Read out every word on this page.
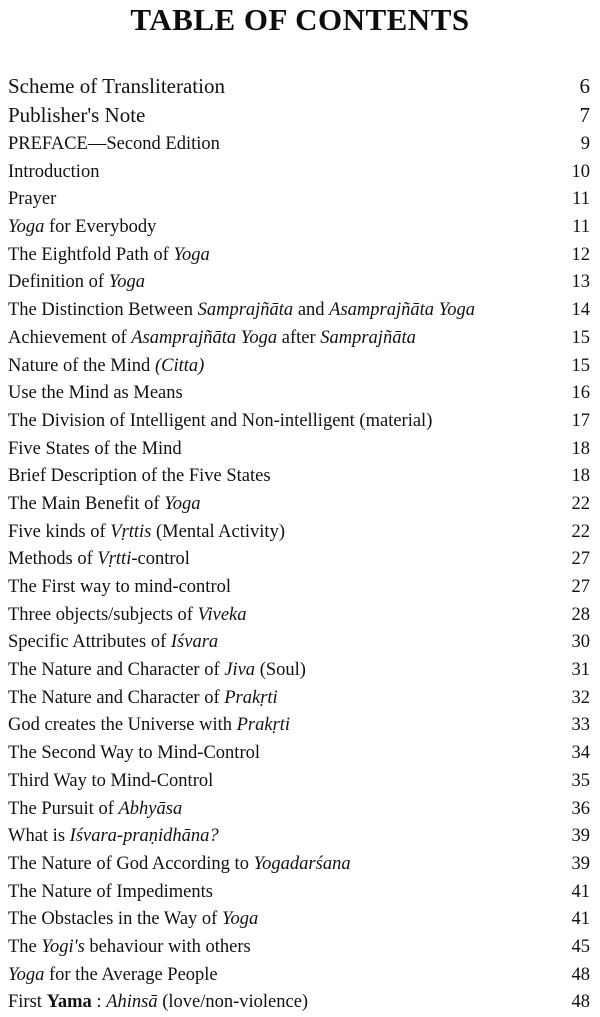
TABLE OF CONTENTS
Scheme of Transliteration	6
Publisher's Note	7
PREFACE—Second Edition	9
Introduction	10
Prayer	11
Yoga for Everybody	11
The Eightfold Path of Yoga	12
Definition of Yoga	13
The Distinction Between Samprajñāta and Asamprajñāta Yoga	14
Achievement of Asamprajñāta Yoga after Samprajñāta	15
Nature of the Mind (Citta)	15
Use the Mind as Means	16
The Division of Intelligent and Non-intelligent (material)	17
Five States of the Mind	18
Brief Description of the Five States	18
The Main Benefit of Yoga	22
Five kinds of Vṛttis (Mental Activity)	22
Methods of Vṛtti-control	27
The First way to mind-control	27
Three objects/subjects of Viveka	28
Specific Attributes of Iśvara	30
The Nature and Character of Jiva (Soul)	31
The Nature and Character of Prakṛti	32
God creates the Universe with Prakṛti	33
The Second Way to Mind-Control	34
Third Way to Mind-Control	35
The Pursuit of Abhyāsa	36
What is Iśvara-praṇidhāna?	39
The Nature of God According to Yogadarśana	39
The Nature of Impediments	41
The Obstacles in the Way of Yoga	41
The Yogi's behaviour with others	45
Yoga for the Average People	48
First Yama : Ahinsā (love/non-violence)	48
